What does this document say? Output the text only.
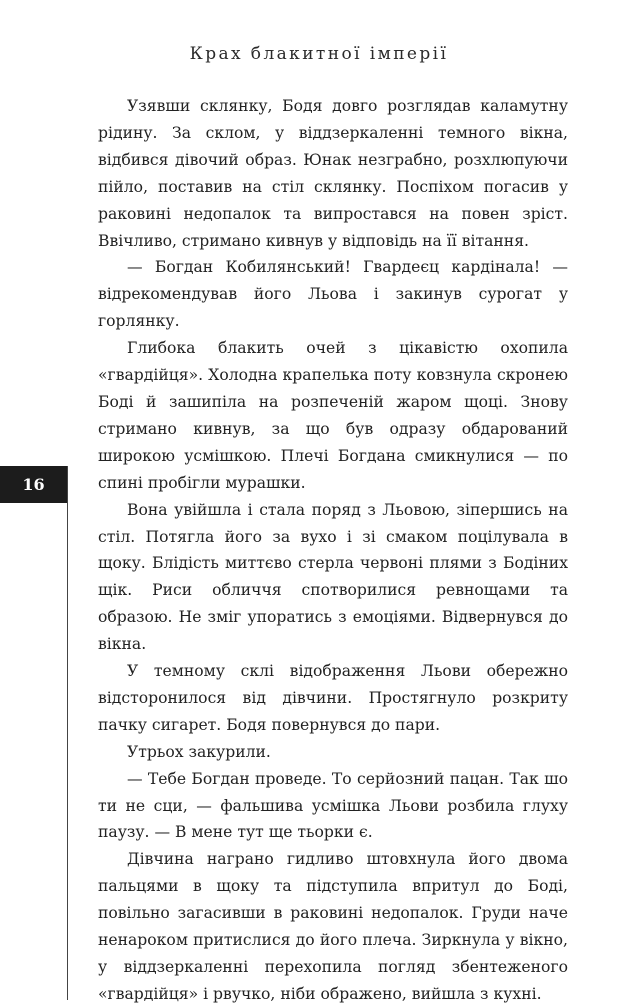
Крах блакитної імперії
16

Узявши склянку, Бодя довго розглядав каламутну рідину. За склом, у віддзеркаленні темного вікна, відбився дівочий образ. Юнак незграбно, розхлюпуючи пійло, поставив на стіл склянку. Поспіхом погасив у раковині недопалок та випростався на повен зріст. Ввічливо, стримано кивнув у відповідь на її вітання.

— Богдан Кобилянський! Гвардеєц кардінала! — відрекомендував його Льова і закинув сурогат у горлянку.

Глибока блакить очей з цікавістю охопила «гвардійця». Холодна крапелька поту ковзнула скронею Боді й зашипіла на розпеченій жаром щоці. Знову стримано кивнув, за що був одразу обдарований широкою усмішкою. Плечі Богдана смикнулися — по спині пробігли мурашки.

Вона увійшла і стала поряд з Льовою, зіпершись на стіл. Потягла його за вухо і зі смаком поцілувала в щоку. Блідість миттєво стерла червоні плями з Бодіних щік. Риси обличчя спотворилися ревнощами та образою. Не зміг упоратись з емоціями. Відвернувся до вікна.

У темному склі відображення Льови обережно відсторонилося від дівчини. Простягнуло розкриту пачку сигарет. Бодя повернувся до пари.

Утрьох закурили.

— Тебе Богдан проведе. То серйозний пацан. Так шо ти не сци, — фальшива усмішка Льови розбила глуху паузу. — В мене тут ще тьорки є.

Дівчина награно гидливо штовхнула його двома пальцями в щоку та підступила впритул до Боді, повільно загасивши в раковині недопалок. Груди наче ненароком притислися до його плеча. Зиркнула у вікно, у віддзеркаленні перехопила погляд збентеженого «гвардійця» і рвучко, ніби ображено, вийшла з кухні.
